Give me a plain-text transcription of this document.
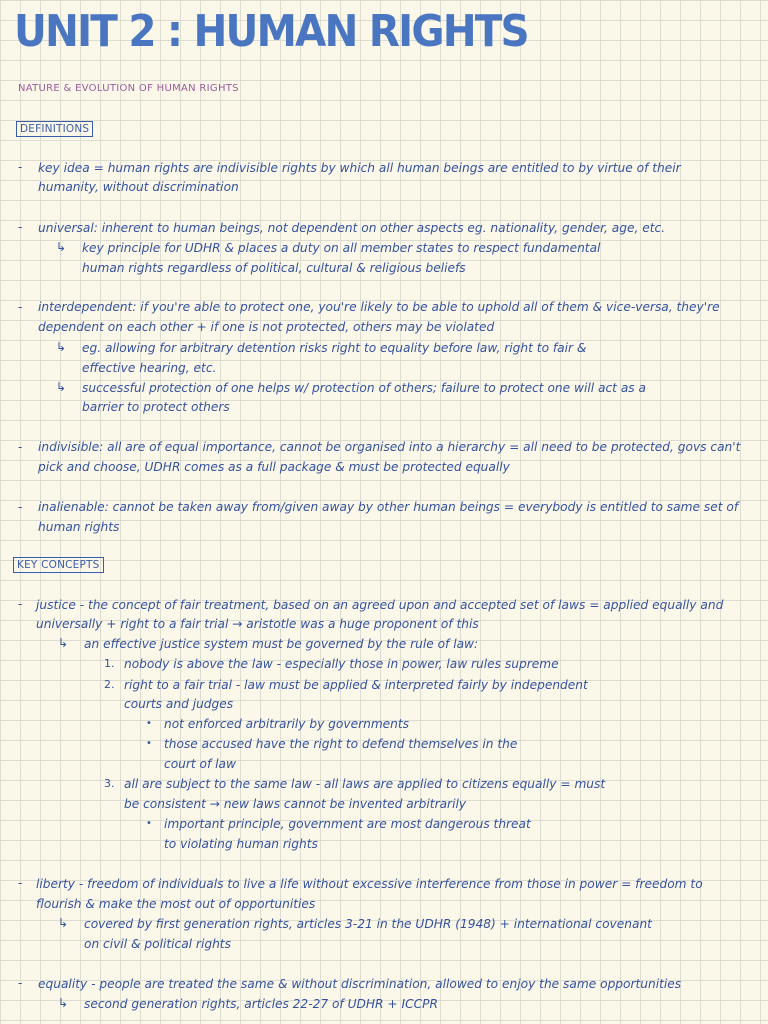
UNIT 2 : HUMAN RIGHTS
NATURE & EVOLUTION OF HUMAN RIGHTS
DEFINITIONS
- key idea = human rights are indivisible rights by which all human beings are entitled to by virtue of their
humanity, without discrimination
- universal: inherent to human beings, not dependent on other aspects eg. nationality, gender, age, etc.
↳ key principle for UDHR & places a duty on all member states to respect fundamental
human rights regardless of political, cultural & religious beliefs
- interdependent: if you're able to protect one, you're likely to be able to uphold all of them & vice-versa, they're
dependent on each other + if one is not protected, others may be violated
↳ eg. allowing for arbitrary detention risks right to equality before law, right to fair &
effective hearing, etc.
↳ successful protection of one helps w/ protection of others; failure to protect one will act as a
barrier to protect others
- indivisible: all are of equal importance, cannot be organised into a hierarchy = all need to be protected, govs can't
pick and choose, UDHR comes as a full package & must be protected equally
- inalienable: cannot be taken away from/given away by other human beings = everybody is entitled to same set of
human rights
KEY CONCEPTS
- justice - the concept of fair treatment, based on an agreed upon and accepted set of laws = applied equally and
universally + right to a fair trial → aristotle was a huge proponent of this
↳ an effective justice system must be governed by the rule of law:
1. nobody is above the law - especially those in power, law rules supreme
2. right to a fair trial - law must be applied & interpreted fairly by independent
courts and judges
• not enforced arbitrarily by governments
• those accused have the right to defend themselves in the
court of law
3. all are subject to the same law - all laws are applied to citizens equally = must
be consistent → new laws cannot be invented arbitrarily
• important principle, government are most dangerous threat
to violating human rights
- liberty - freedom of individuals to live a life without excessive interference from those in power = freedom to
flourish & make the most out of opportunities
↳ covered by first generation rights, articles 3-21 in the UDHR (1948) + international covenant
on civil & political rights
- equality - people are treated the same & without discrimination, allowed to enjoy the same opportunities
↳ second generation rights, articles 22-27 of UDHR + ICCPR
